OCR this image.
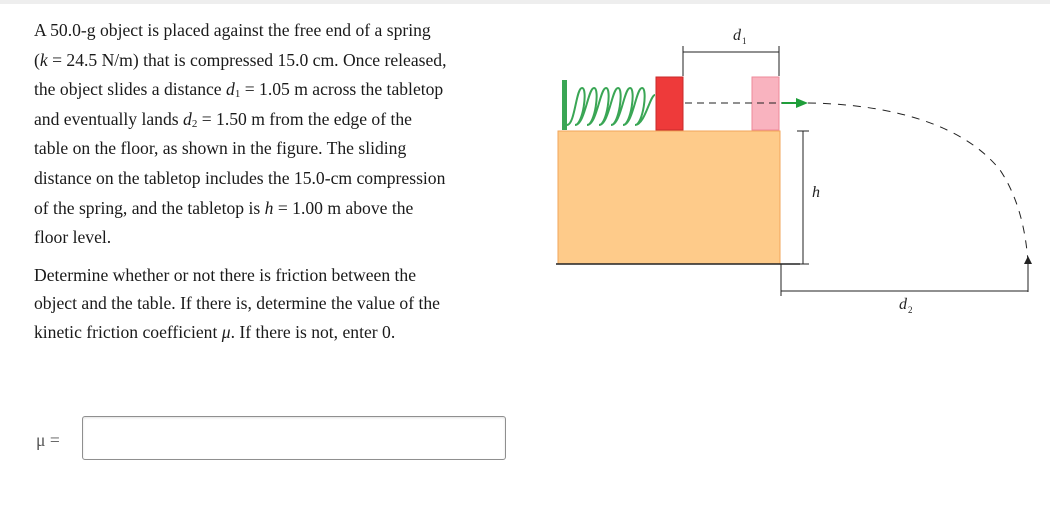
A 50.0-g object is placed against the free end of a spring
(k = 24.5 N/m) that is compressed 15.0 cm. Once released,
the object slides a distance $d_1 = 1.05$ m across the tabletop
and eventually lands $d_2 = 1.50$ m from the edge of the
table on the floor, as shown in the figure. The sliding
distance on the tabletop includes the 15.0-cm compression
of the spring, and the tabletop is h = 1.00 m above the
floor level.

Determine whether or not there is friction between the
object and the table. If there is, determine the value of the
kinetic friction coefficient μ. If there is not, enter 0.

d 1
h
d 2
μ =
